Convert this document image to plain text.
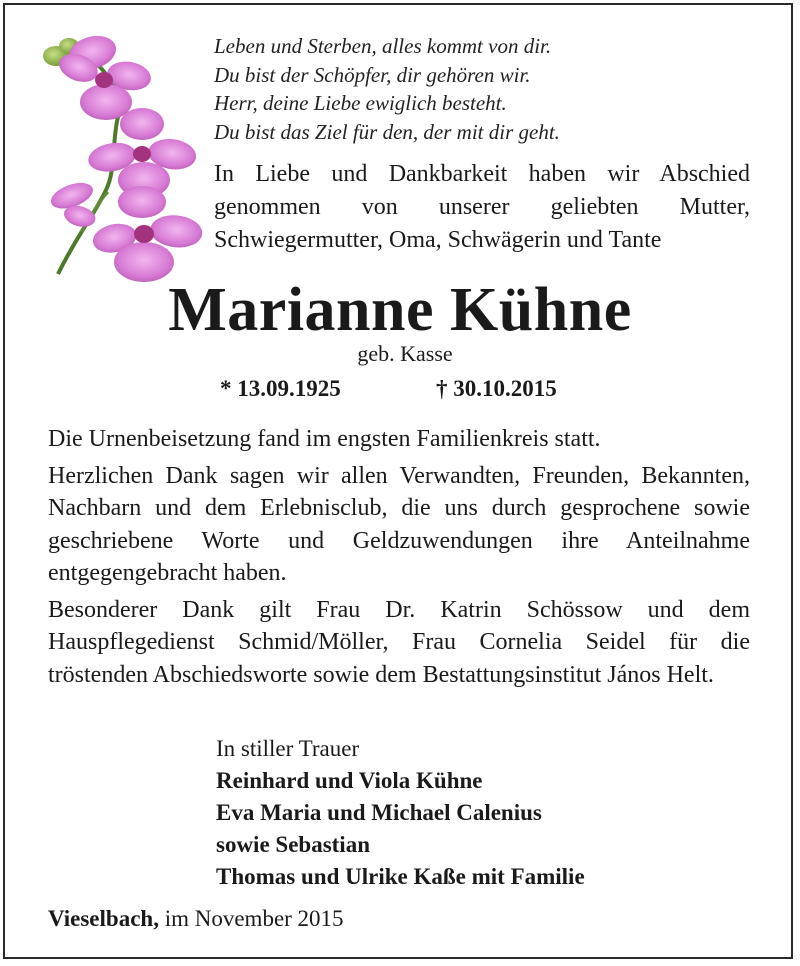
Leben und Sterben, alles kommt von dir.
Du bist der Schöpfer, dir gehören wir.
Herr, deine Liebe ewiglich besteht.
Du bist das Ziel für den, der mit dir geht.
In Liebe und Dankbarkeit haben wir Abschied genommen von unserer geliebten Mutter, Schwiegermutter, Oma, Schwägerin und Tante
Marianne Kühne
geb. Kasse
* 13.09.1925	† 30.10.2015

Die Urnenbeisetzung fand im engsten Familienkreis statt.

Herzlichen Dank sagen wir allen Verwandten, Freunden, Bekannten, Nachbarn und dem Erlebnisclub, die uns durch gesprochene sowie geschriebene Worte und Geldzuwendungen ihre Anteilnahme entgegengebracht haben.

Besonderer Dank gilt Frau Dr. Katrin Schössow und dem Hauspflegedienst Schmid/Möller, Frau Cornelia Seidel für die tröstenden Abschiedsworte sowie dem Bestattungsinstitut János Helt.

In stiller Trauer
Reinhard und Viola Kühne
Eva Maria und Michael Calenius
sowie Sebastian
Thomas und Ulrike Kaße mit Familie
Vieselbach, im November 2015
